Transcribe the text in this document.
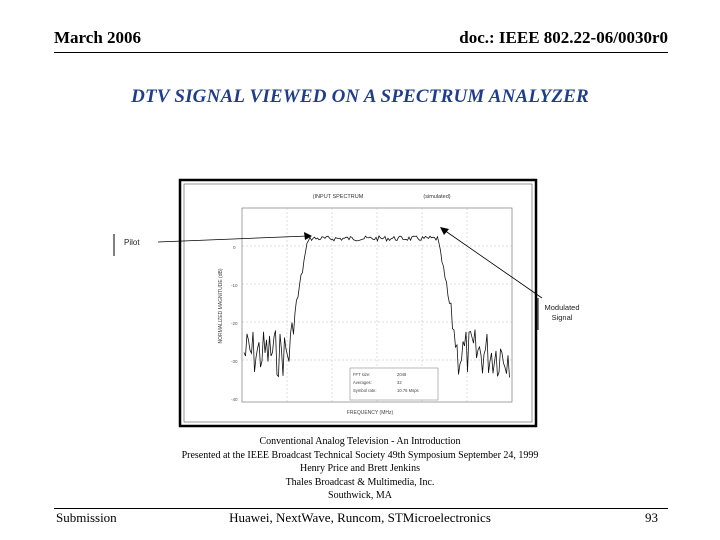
March 2006	doc.: IEEE 802.22-06/0030r0
DTV SIGNAL VIEWED ON A SPECTRUM ANALYZER
(INPUT SPECTRUM	(simulated)
NORMALIZED MAGNITUDE (dB)
0
-10
-20
-30
-40
FREQUENCY (MHz)
FFT size:	2048
Averages:	32
Symbol rate:	10.76 Msps
Pilot
Modulated
Signal
Conventional Analog Television - An Introduction
Presented at the IEEE Broadcast Technical Society 49th Symposium September 24, 1999
Henry Price and Brett Jenkins
Thales Broadcast & Multimedia, Inc.
Southwick, MA
Submission	Huawei, NextWave, Runcom, STMicroelectronics	93
